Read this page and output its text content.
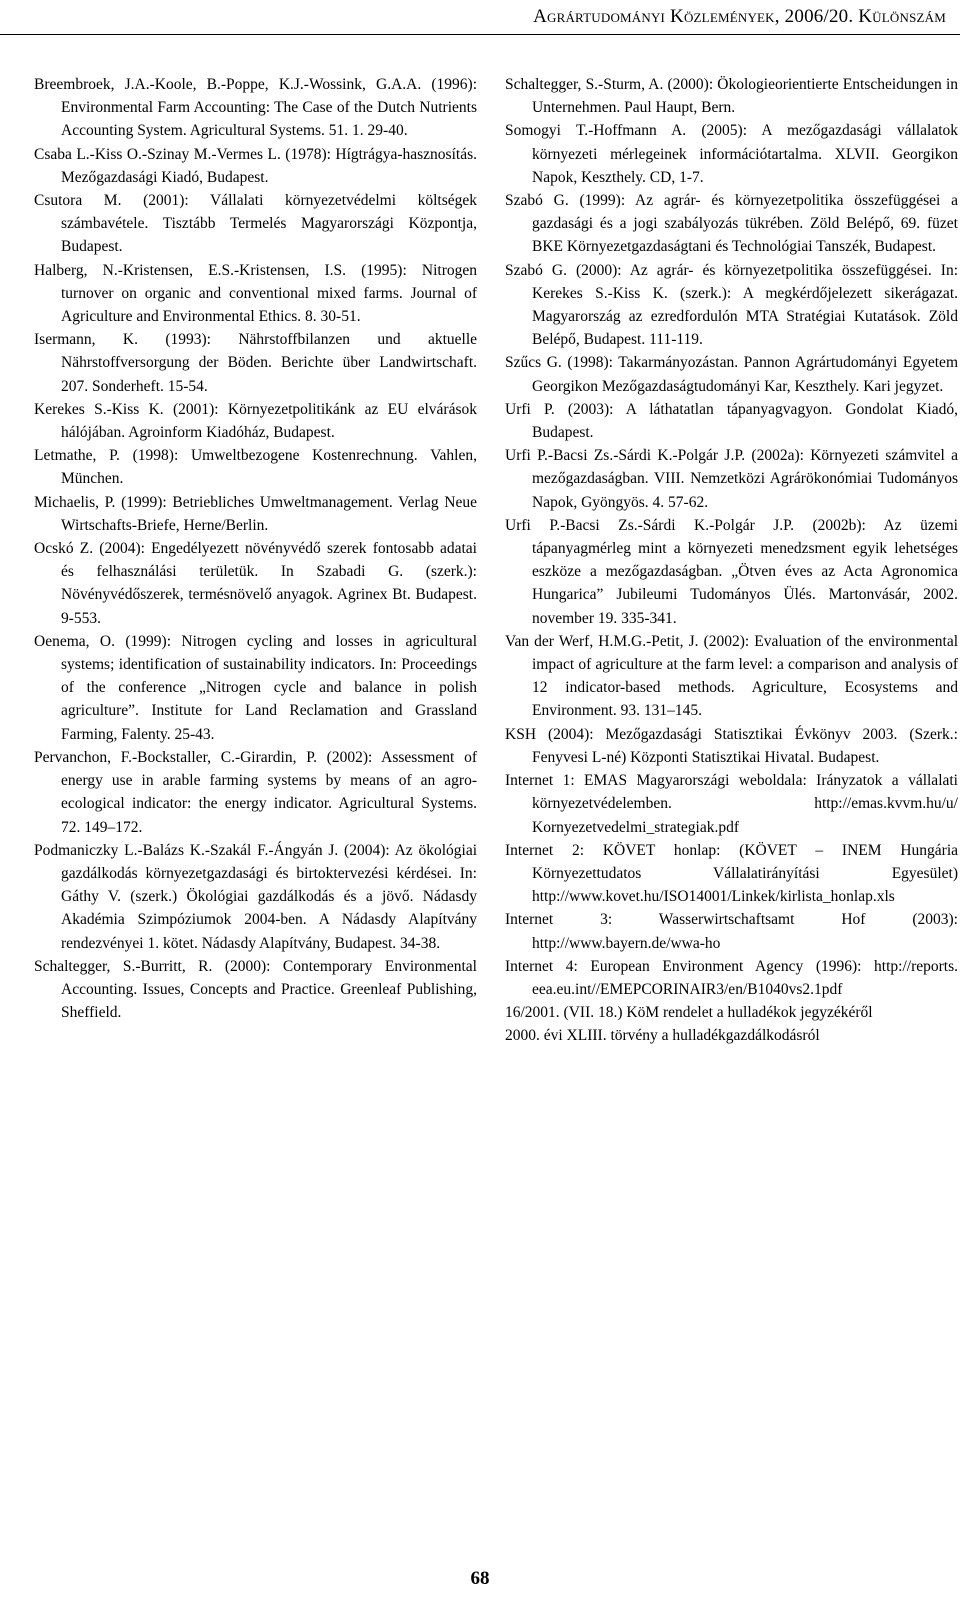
Agrártudományi Közlemények, 2006/20. Különszám

Breembroek, J.A.-Koole, B.-Poppe, K.J.-Wossink, G.A.A. (1996): Environmental Farm Accounting: The Case of the Dutch Nutrients Accounting System. Agricultural Systems. 51. 1. 29-40.

Csaba L.-Kiss O.-Szinay M.-Vermes L. (1978): Hígtrágya-hasznosítás. Mezőgazdasági Kiadó, Budapest.

Csutora M. (2001): Vállalati környezetvédelmi költségek számbavétele. Tisztább Termelés Magyarországi Központja, Budapest.

Halberg, N.-Kristensen, E.S.-Kristensen, I.S. (1995): Nitrogen turnover on organic and conventional mixed farms. Journal of Agriculture and Environmental Ethics. 8. 30-51.

Isermann, K. (1993): Nährstoffbilanzen und aktuelle Nährstoffversorgung der Böden. Berichte über Landwirtschaft. 207. Sonderheft. 15-54.

Kerekes S.-Kiss K. (2001): Környezetpolitikánk az EU elvárások hálójában. Agroinform Kiadóház, Budapest.

Letmathe, P. (1998): Umweltbezogene Kostenrechnung. Vahlen, München.

Michaelis, P. (1999): Betriebliches Umweltmanagement. Verlag Neue Wirtschafts-Briefe, Herne/Berlin.

Ocskó Z. (2004): Engedélyezett növényvédő szerek fontosabb adatai és felhasználási területük. In Szabadi G. (szerk.): Növényvédőszerek, termésnövelő anyagok. Agrinex Bt. Budapest. 9-553.

Oenema, O. (1999): Nitrogen cycling and losses in agricultural systems; identification of sustainability indicators. In: Proceedings of the conference „Nitrogen cycle and balance in polish agriculture”. Institute for Land Reclamation and Grassland Farming, Falenty. 25-43.

Pervanchon, F.-Bockstaller, C.-Girardin, P. (2002): Assessment of energy use in arable farming systems by means of an agro-ecological indicator: the energy indicator. Agricultural Systems. 72. 149–172.

Podmaniczky L.-Balázs K.-Szakál F.-Ángyán J. (2004): Az ökológiai gazdálkodás környezetgazdasági és birtoktervezési kérdései. In: Gáthy V. (szerk.) Ökológiai gazdálkodás és a jövő. Nádasdy Akadémia Szimpóziumok 2004-ben. A Nádasdy Alapítvány rendezvényei 1. kötet. Nádasdy Alapítvány, Budapest. 34-38.

Schaltegger, S.-Burritt, R. (2000): Contemporary Environmental Accounting. Issues, Concepts and Practice. Greenleaf Publishing, Sheffield.

Schaltegger, S.-Sturm, A. (2000): Ökologieorientierte Entscheidungen in Unternehmen. Paul Haupt, Bern.

Somogyi T.-Hoffmann A. (2005): A mezőgazdasági vállalatok környezeti mérlegeinek információtartalma. XLVII. Georgikon Napok, Keszthely. CD, 1-7.

Szabó G. (1999): Az agrár- és környezetpolitika összefüggései a gazdasági és a jogi szabályozás tükrében. Zöld Belépő, 69. füzet BKE Környezetgazdaságtani és Technológiai Tanszék, Budapest.

Szabó G. (2000): Az agrár- és környezetpolitika összefüggései. In: Kerekes S.-Kiss K. (szerk.): A megkérdőjelezett sikerágazat. Magyarország az ezredfordulón MTA Stratégiai Kutatások. Zöld Belépő, Budapest. 111-119.

Szűcs G. (1998): Takarmányozástan. Pannon Agrártudományi Egyetem Georgikon Mezőgazdaságtudományi Kar, Keszthely. Kari jegyzet.

Urfi P. (2003): A láthatatlan tápanyagvagyon. Gondolat Kiadó, Budapest.

Urfi P.-Bacsi Zs.-Sárdi K.-Polgár J.P. (2002a): Környezeti számvitel a mezőgazdaságban. VIII. Nemzetközi Agrárökonómiai Tudományos Napok, Gyöngyös. 4. 57-62.

Urfi P.-Bacsi Zs.-Sárdi K.-Polgár J.P. (2002b): Az üzemi tápanyagmérleg mint a környezeti menedzsment egyik lehetséges eszköze a mezőgazdaságban. „Ötven éves az Acta Agronomica Hungarica” Jubileumi Tudományos Ülés. Martonvásár, 2002. november 19. 335-341.

Van der Werf, H.M.G.-Petit, J. (2002): Evaluation of the environmental impact of agriculture at the farm level: a comparison and analysis of 12 indicator-based methods. Agriculture, Ecosystems and Environment. 93. 131–145.

KSH (2004): Mezőgazdasági Statisztikai Évkönyv 2003. (Szerk.: Fenyvesi L-né) Központi Statisztikai Hivatal. Budapest.

Internet 1: EMAS Magyarországi weboldala: Irányzatok a vállalati környezetvédelemben. http://emas.kvvm.hu/u/ Kornyezetvedelmi_strategiak.pdf

Internet 2: KÖVET honlap: (KÖVET – INEM Hungária Környezettudatos Vállalatirányítási Egyesület) http://www.kovet.hu/ISO14001/Linkek/kirlista_honlap.xls

Internet 3: Wasserwirtschaftsamt Hof (2003): http://www.bayern.de/wwa-ho

Internet 4: European Environment Agency (1996): http://reports. eea.eu.int//EMEPCORINAIR3/en/B1040vs2.1pdf

16/2001. (VII. 18.) KöM rendelet a hulladékok jegyzékéről

2000. évi XLIII. törvény a hulladékgazdálkodásról

68
